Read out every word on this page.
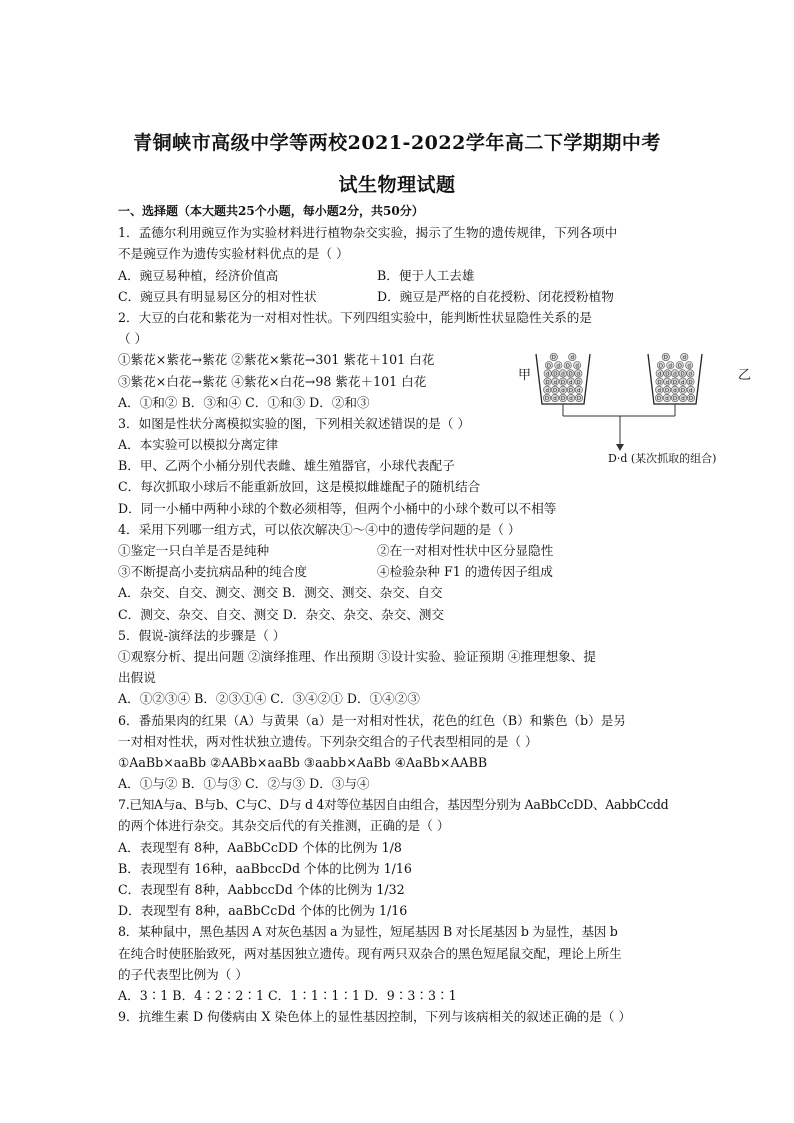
青铜峡市高级中学等两校2021-2022学年高二下学期期中考
试生物理试题
一、选择题（本大题共25个小题，每小题2分，共50分）
1．孟德尔利用豌豆作为实验材料进行植物杂交实验，揭示了生物的遗传规律，下列各项中
不是豌豆作为遗传实验材料优点的是（ ）
A．豌豆易种植，经济价值高	B．便于人工去雄
C．豌豆具有明显易区分的相对性状	D．豌豆是严格的自花授粉、闭花授粉植物
2．大豆的白花和紫花为一对相对性状。下列四组实验中，能判断性状显隐性关系的是
（ ）
①紫花×紫花→紫花 ②紫花×紫花→301 紫花＋101 白花
③紫花×白花→紫花 ④紫花×白花→98 紫花＋101 白花
A．①和② B．③和④ C．①和③ D．②和③
3．如图是性状分离模拟实验的图，下列相关叙述错误的是（ ）
A．本实验可以模拟分离定律
B．甲、乙两个小桶分别代表雌、雄生殖器官，小球代表配子
C．每次抓取小球后不能重新放回，这是模拟雌雄配子的随机结合
D．同一小桶中两种小球的个数必须相等，但两个小桶中的小球个数可以不相等
4．采用下列哪一组方式，可以依次解决①～④中的遗传学问题的是（ ）
①鉴定一只白羊是否是纯种	②在一对相对性状中区分显隐性
③不断提高小麦抗病品种的纯合度	④检验杂种 F1 的遗传因子组成
A．杂交、自交、测交、测交 B．测交、测交、杂交、自交
C．测交、杂交、自交、测交 D．杂交、杂交、杂交、测交
5．假说-演绎法的步骤是（ ）
①观察分析、提出问题 ②演绎推理、作出预期 ③设计实验、验证预期 ④推理想象、提
出假说
A．①②③④ B．②③①④ C．③④②① D．①④②③
6．番茄果肉的红果（A）与黄果（a）是一对相对性状，花色的红色（B）和紫色（b）是另
一对相对性状，两对性状独立遗传。下列杂交组合的子代表型相同的是（ ）
①AaBb×aaBb ②AABb×aaBb ③aabb×AaBb ④AaBb×AABB
A．①与② B．①与③ C．②与③ D．③与④
7.已知A与a、B与b、C与C、D与 d 4对等位基因自由组合，基因型分别为 AaBbCcDD、AabbCcdd
的两个体进行杂交。其杂交后代的有关推测，正确的是（ ）
A．表现型有 8种，AaBbCcDD 个体的比例为 1/8
B．表现型有 16种，aaBbccDd 个体的比例为 1/16
C．表现型有 8种，AabbccDd 个体的比例为 1/32
D．表现型有 8种，aaBbCcDd 个体的比例为 1/16
8．某种鼠中，黑色基因 A 对灰色基因 a 为显性，短尾基因 B 对长尾基因 b 为显性，基因 b
在纯合时使胚胎致死，两对基因独立遗传。现有两只双杂合的黑色短尾鼠交配，理论上所生
的子代表型比例为（ ）
A．3∶1 B．4∶2∶2∶1 C．1∶1∶1∶1 D．9∶3∶3∶1
9．抗维生素 D 佝偻病由 X 染色体上的显性基因控制，下列与该病相关的叙述正确的是（ ）
甲	乙
D d D d D
d D d D d
D d D d D
d D d D d
D d D d
D	d
D d D d D
d D d D d
D d D d D
d D d D d
D d D d
D	d
D·d (某次抓取的组合)
